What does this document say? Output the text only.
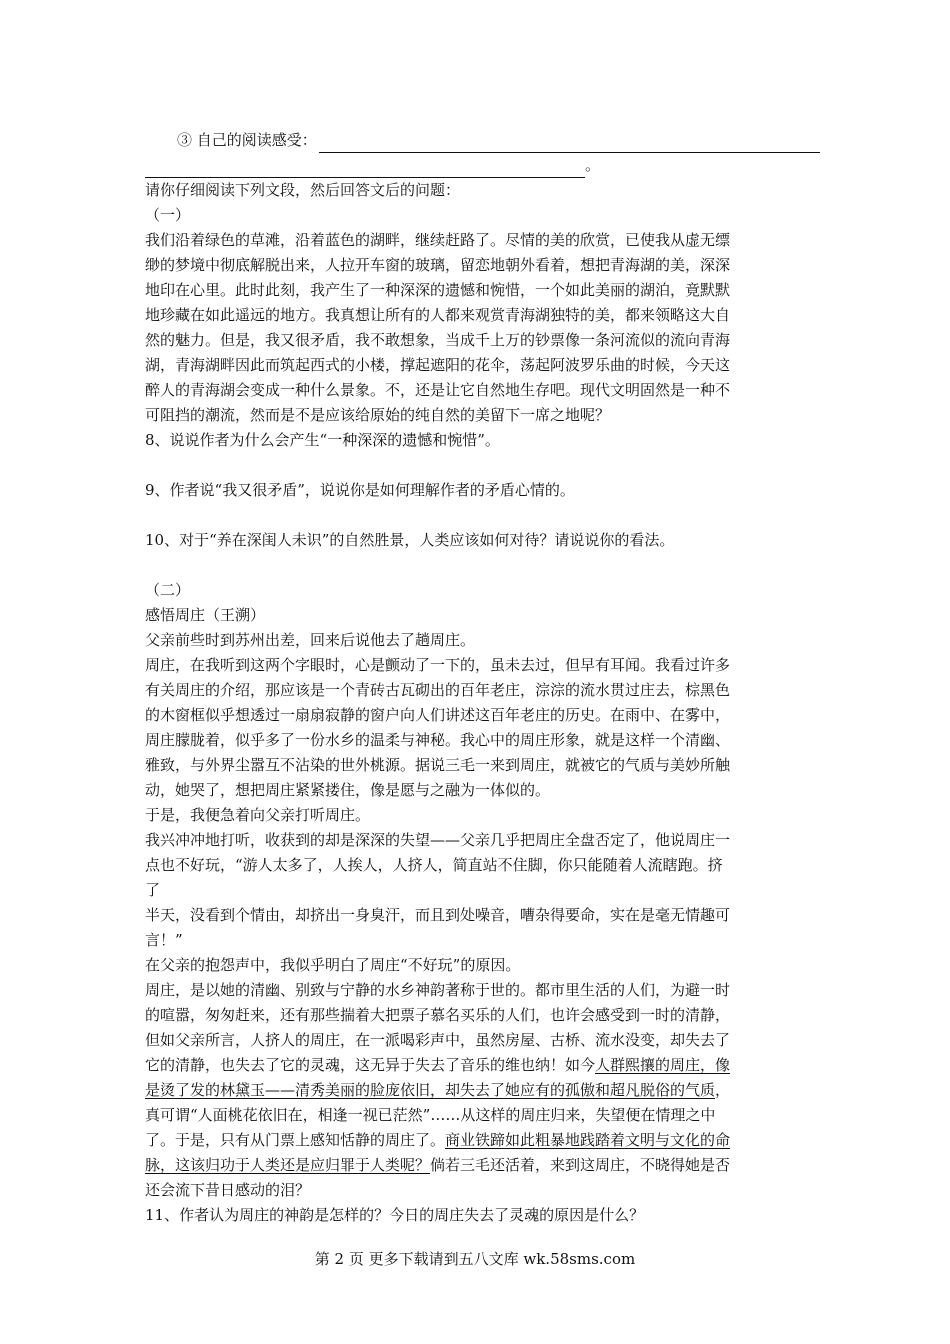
③ 自己的阅读感受：
。
请你仔细阅读下列文段，然后回答文后的问题：
（一）
我们沿着绿色的草滩，沿着蓝色的湖畔，继续赶路了。尽情的美的欣赏，已使我从虚无缥
缈的梦境中彻底解脱出来，人拉开车窗的玻璃，留恋地朝外看着，想把青海湖的美，深深
地印在心里。此时此刻，我产生了一种深深的遗憾和惋惜，一个如此美丽的湖泊，竟默默
地珍藏在如此遥远的地方。我真想让所有的人都来观赏青海湖独特的美，都来领略这大自
然的魅力。但是，我又很矛盾，我不敢想象，当成千上万的钞票像一条河流似的流向青海
湖，青海湖畔因此而筑起西式的小楼，撑起遮阳的花伞，荡起阿波罗乐曲的时候，今天这
醉人的青海湖会变成一种什么景象。不，还是让它自然地生存吧。现代文明固然是一种不
可阻挡的潮流，然而是不是应该给原始的纯自然的美留下一席之地呢？
8、说说作者为什么会产生“一种深深的遗憾和惋惜”。
9、作者说“我又很矛盾”，说说你是如何理解作者的矛盾心情的。
10、对于“养在深闺人未识”的自然胜景，人类应该如何对待？请说说你的看法。
（二）
感悟周庄（王溯）
父亲前些时到苏州出差，回来后说他去了趟周庄。
周庄，在我听到这两个字眼时，心是颤动了一下的，虽未去过，但早有耳闻。我看过许多
有关周庄的介绍，那应该是一个青砖古瓦砌出的百年老庄，淙淙的流水贯过庄去，棕黑色
的木窗框似乎想透过一扇扇寂静的窗户向人们讲述这百年老庄的历史。在雨中、在雾中，
周庄朦胧着，似乎多了一份水乡的温柔与神秘。我心中的周庄形象，就是这样一个清幽、
雅致，与外界尘嚣互不沾染的世外桃源。据说三毛一来到周庄，就被它的气质与美妙所触
动，她哭了，想把周庄紧紧搂住，像是愿与之融为一体似的。
于是，我便急着向父亲打听周庄。
我兴冲冲地打听，收获到的却是深深的失望——父亲几乎把周庄全盘否定了，他说周庄一
点也不好玩，“游人太多了，人挨人，人挤人，简直站不住脚，你只能随着人流瞎跑。挤
了
半天，没看到个情由，却挤出一身臭汗，而且到处噪音，嘈杂得要命，实在是毫无情趣可
言！”
在父亲的抱怨声中，我似乎明白了周庄“不好玩”的原因。
周庄，是以她的清幽、别致与宁静的水乡神韵著称于世的。都市里生活的人们，为避一时
的喧嚣，匆匆赶来，还有那些揣着大把票子慕名买乐的人们，也许会感受到一时的清静，
但如父亲所言，人挤人的周庄，在一派喝彩声中，虽然房屋、古桥、流水没变，却失去了
它的清静，也失去了它的灵魂，这无异于失去了音乐的维也纳！如今人群熙攘的周庄，像
是烫了发的林黛玉——清秀美丽的脸庞依旧，却失去了她应有的孤傲和超凡脱俗的气质，
真可谓“人面桃花依旧在，相逢一视已茫然”……从这样的周庄归来，失望便在情理之中
了。于是，只有从门票上感知恬静的周庄了。商业铁蹄如此粗暴地践踏着文明与文化的命
脉，这该归功于人类还是应归罪于人类呢？倘若三毛还活着，来到这周庄，不晓得她是否
还会流下昔日感动的泪？
11、作者认为周庄的神韵是怎样的？今日的周庄失去了灵魂的原因是什么？
第 2 页 更多下载请到五八文库 wk.58sms.com
